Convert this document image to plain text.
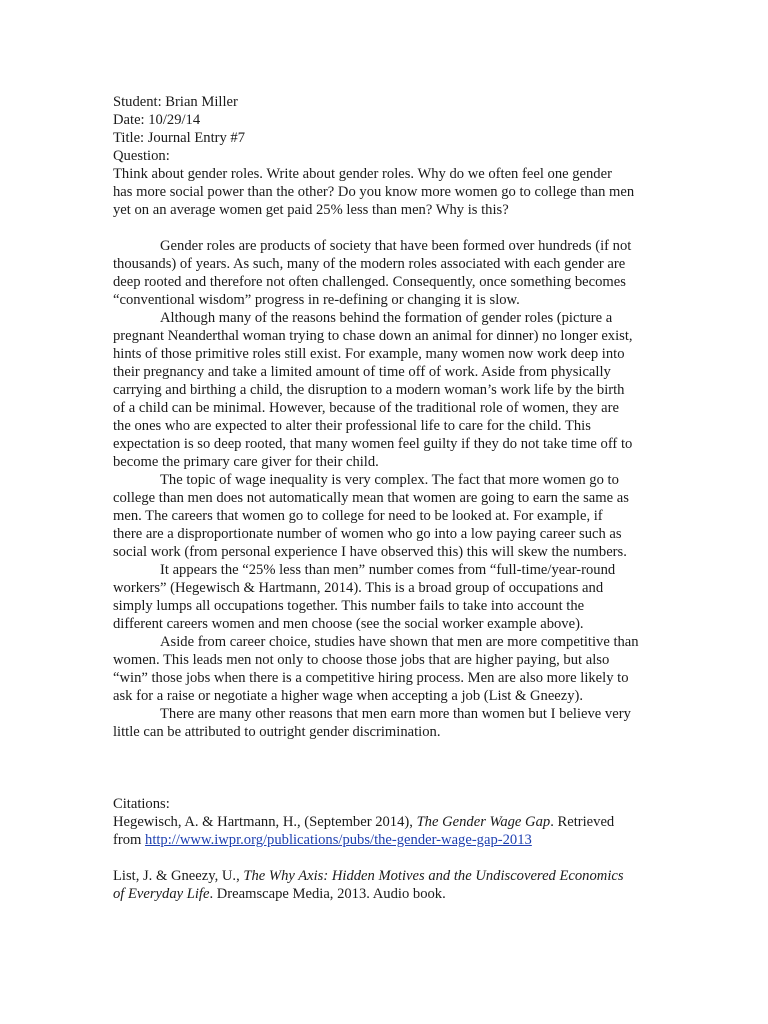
Student: Brian Miller
Date: 10/29/14
Title: Journal Entry #7
Question:
Think about gender roles. Write about gender roles. Why do we often feel one gender
has more social power than the other? Do you know more women go to college than men
yet on an average women get paid 25% less than men? Why is this?
Gender roles are products of society that have been formed over hundreds (if not
thousands) of years. As such, many of the modern roles associated with each gender are
deep rooted and therefore not often challenged. Consequently, once something becomes
“conventional wisdom” progress in re-defining or changing it is slow.
Although many of the reasons behind the formation of gender roles (picture a
pregnant Neanderthal woman trying to chase down an animal for dinner) no longer exist,
hints of those primitive roles still exist. For example, many women now work deep into
their pregnancy and take a limited amount of time off of work. Aside from physically
carrying and birthing a child, the disruption to a modern woman’s work life by the birth
of a child can be minimal. However, because of the traditional role of women, they are
the ones who are expected to alter their professional life to care for the child. This
expectation is so deep rooted, that many women feel guilty if they do not take time off to
become the primary care giver for their child.
The topic of wage inequality is very complex. The fact that more women go to
college than men does not automatically mean that women are going to earn the same as
men. The careers that women go to college for need to be looked at. For example, if
there are a disproportionate number of women who go into a low paying career such as
social work (from personal experience I have observed this) this will skew the numbers.
It appears the “25% less than men” number comes from “full-time/year-round
workers” (Hegewisch & Hartmann, 2014). This is a broad group of occupations and
simply lumps all occupations together. This number fails to take into account the
different careers women and men choose (see the social worker example above).
Aside from career choice, studies have shown that men are more competitive than
women. This leads men not only to choose those jobs that are higher paying, but also
“win” those jobs when there is a competitive hiring process. Men are also more likely to
ask for a raise or negotiate a higher wage when accepting a job (List & Gneezy).
There are many other reasons that men earn more than women but I believe very
little can be attributed to outright gender discrimination.
Citations:
Hegewisch, A. & Hartmann, H., (September 2014), The Gender Wage Gap. Retrieved
from http://www.iwpr.org/publications/pubs/the-gender-wage-gap-2013
List, J. & Gneezy, U., The Why Axis: Hidden Motives and the Undiscovered Economics
of Everyday Life. Dreamscape Media, 2013. Audio book.
